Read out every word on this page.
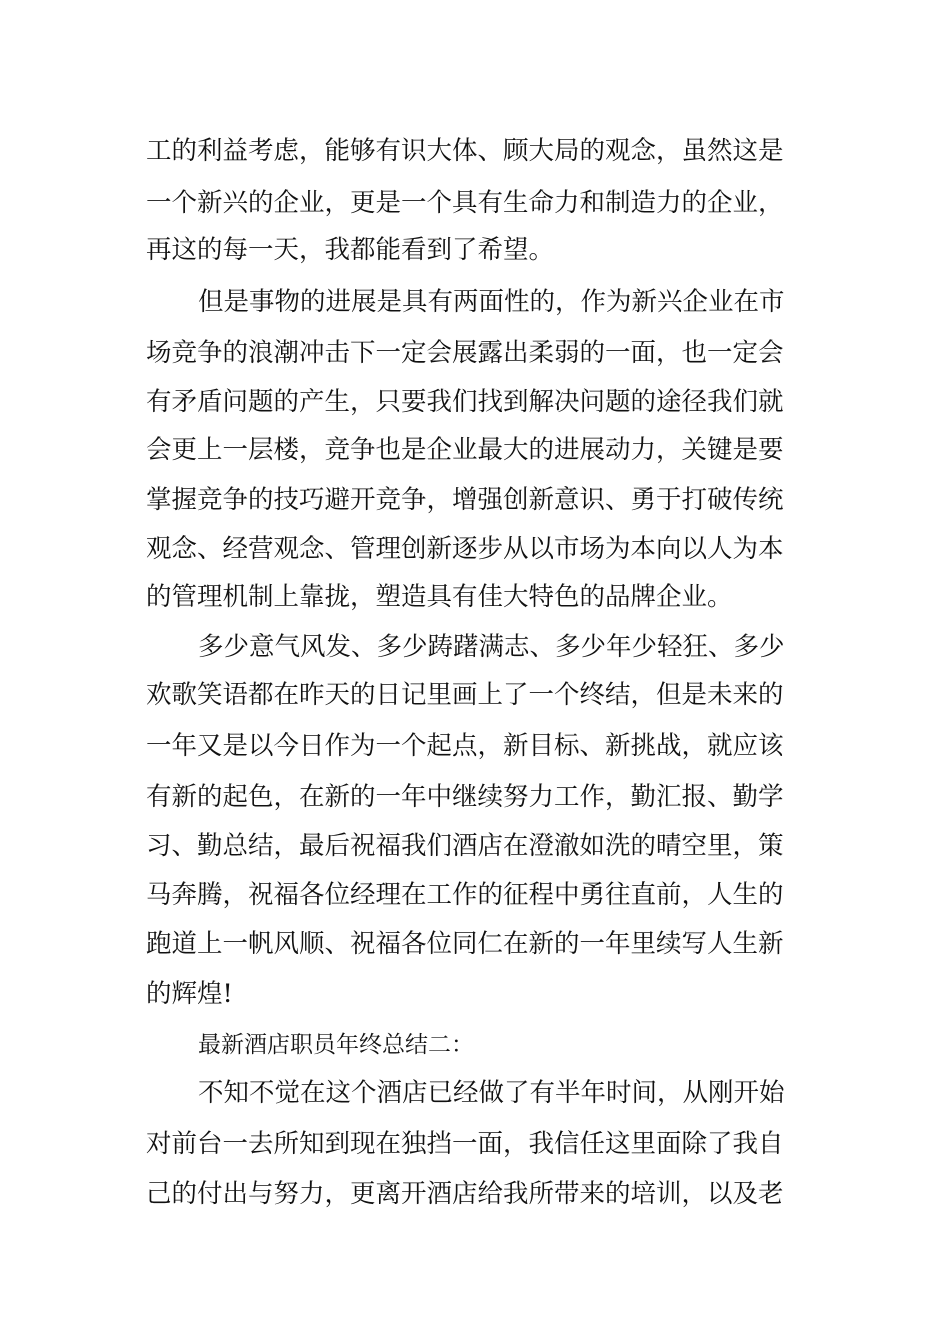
工的利益考虑，能够有识大体、顾大局的观念，虽然这是

一个新兴的企业，更是一个具有生命力和制造力的企业，

再这的每一天，我都能看到了希望。

但是事物的进展是具有两面性的，作为新兴企业在市

场竞争的浪潮冲击下一定会展露出柔弱的一面，也一定会

有矛盾问题的产生，只要我们找到解决问题的途径我们就

会更上一层楼，竞争也是企业最大的进展动力，关键是要

掌握竞争的技巧避开竞争，增强创新意识、勇于打破传统

观念、经营观念、管理创新逐步从以市场为本向以人为本

的管理机制上靠拢，塑造具有佳大特色的品牌企业。

多少意气风发、多少踌躇满志、多少年少轻狂、多少

欢歌笑语都在昨天的日记里画上了一个终结，但是未来的

一年又是以今日作为一个起点，新目标、新挑战，就应该

有新的起色，在新的一年中继续努力工作，勤汇报、勤学

习、勤总结，最后祝福我们酒店在澄澈如洗的晴空里，策

马奔腾，祝福各位经理在工作的征程中勇往直前，人生的

跑道上一帆风顺、祝福各位同仁在新的一年里续写人生新

的辉煌!

最新酒店职员年终总结二：

不知不觉在这个酒店已经做了有半年时间，从刚开始

对前台一去所知到现在独挡一面，我信任这里面除了我自

己的付出与努力，更离开酒店给我所带来的培训，以及老
